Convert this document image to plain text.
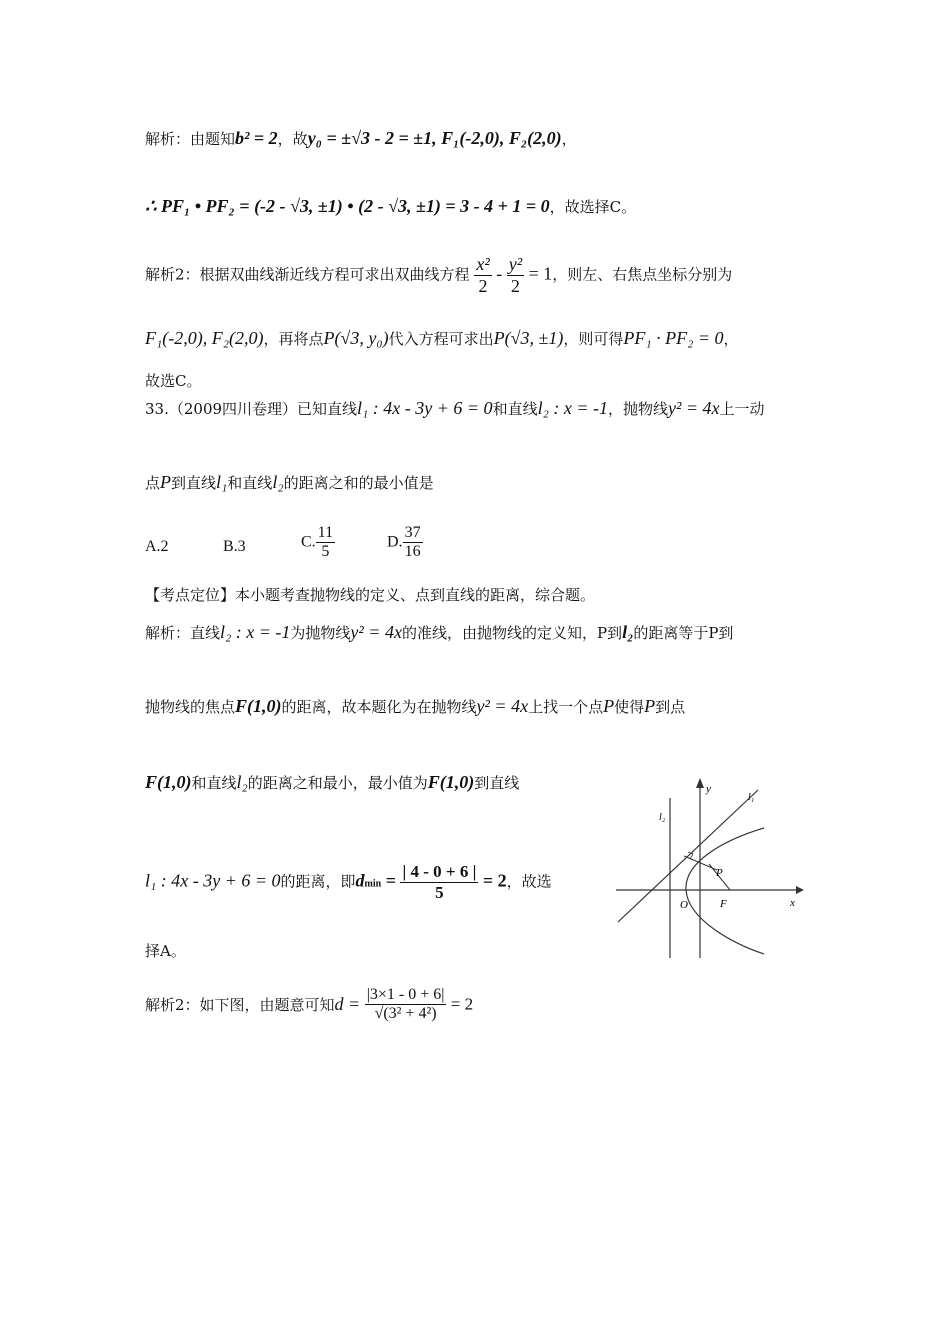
解析：由题知b² = 2，故y₀ = ±√3 - 2 = ±1, F₁(-2,0), F₂(2,0)，
∴ PF₁ • PF₂ = (-2 - √3, ±1) • (2 - √3, ±1) = 3 - 4 + 1 = 0，故选择C。
解析2：根据双曲线渐近线方程可求出双曲线方程 $\frac{\text{x²}}{2} - \frac{\text{y²}}{2} = 1$，则左、右焦点坐标分别为
F₁(-2,0), F₂(2,0)，再将点P(√3, y₀)代入方程可求出P(√3, ±1)，则可得PF₁ · PF₂ = 0，
故选C。
33.（2009四川卷理）已知直线l₁ : 4x - 3y + 6 = 0和直线l₂ : x = -1，抛物线y² = 4x上一动
点P到直线l₁和直线l₂的距离之和的最小值是
A.2	B.3	C. $\frac{11}{5}$	D. $\frac{37}{16}$
【考点定位】本小题考查抛物线的定义、点到直线的距离，综合题。
解析：直线l₂ : x = -1为抛物线y² = 4x的准线，由抛物线的定义知，P到l₂的距离等于P到
抛物线的焦点F(1,0)的距离，故本题化为在抛物线y² = 4x上找一个点P使得P到点
F(1,0)和直线l₂的距离之和最小，最小值为F(1,0)到直线
l₁ : 4x - 3y + 6 = 0的距离，即$dmin = \frac{| 4 - 0 + 6 |}{5} = 2$，故选
择A。
解析2：如下图，由题意可知$d = \frac{|3\times 1 - 0 + 6|}{\text{√(3² + 4²)}} = 2$
y
x
O	F
P
l₁
l₂
